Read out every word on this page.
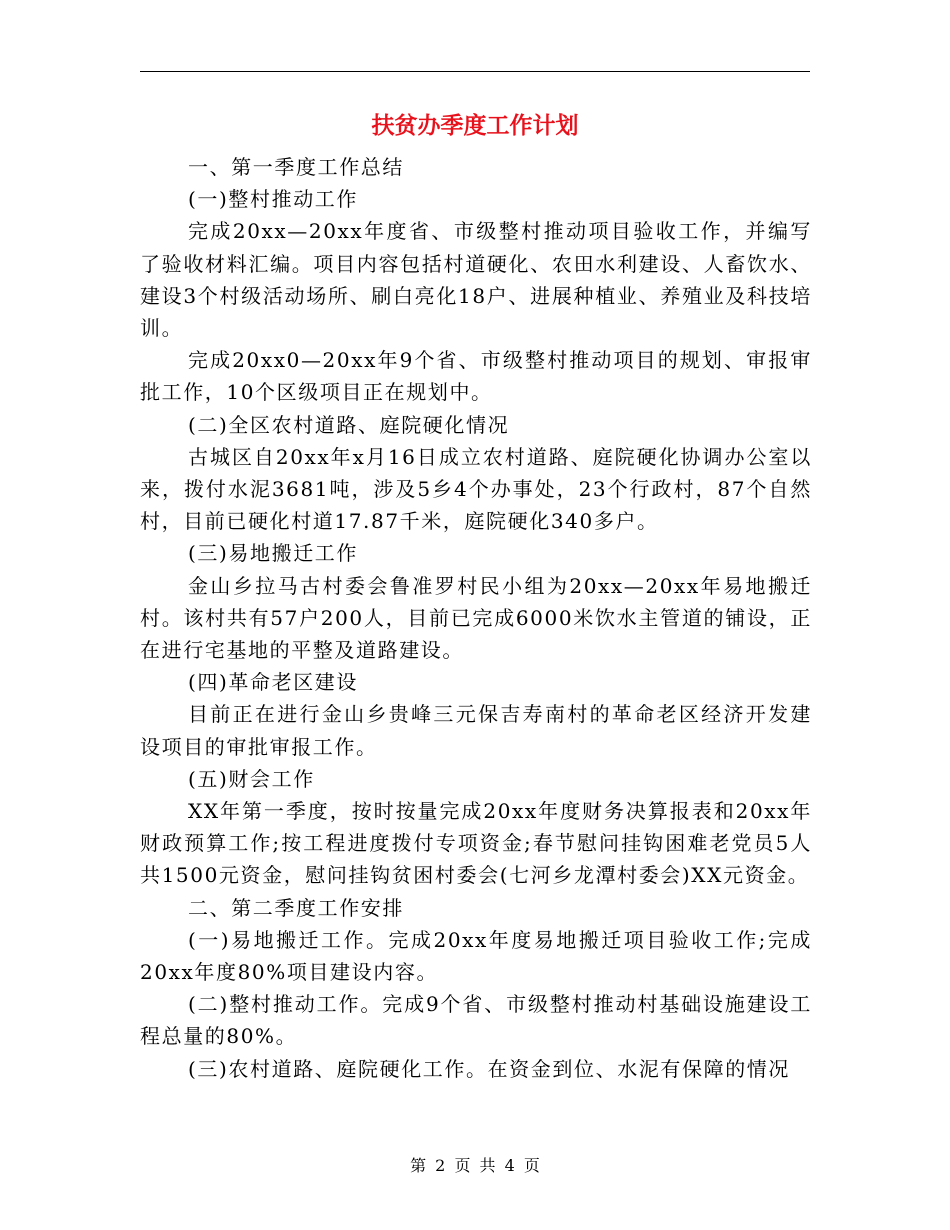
扶贫办季度工作计划

一、第一季度工作总结

(一)整村推动工作

完成20xx—20xx年度省、市级整村推动项目验收工作，并编写了验收材料汇编。项目内容包括村道硬化、农田水利建设、人畜饮水、建设3个村级活动场所、刷白亮化18户、进展种植业、养殖业及科技培训。

完成20xx0—20xx年9个省、市级整村推动项目的规划、审报审批工作，10个区级项目正在规划中。

(二)全区农村道路、庭院硬化情况

古城区自20xx年x月16日成立农村道路、庭院硬化协调办公室以来，拨付水泥3681吨，涉及5乡4个办事处，23个行政村，87个自然村，目前已硬化村道17.87千米，庭院硬化340多户。

(三)易地搬迁工作

金山乡拉马古村委会鲁准罗村民小组为20xx—20xx年易地搬迁村。该村共有57户200人，目前已完成6000米饮水主管道的铺设，正在进行宅基地的平整及道路建设。

(四)革命老区建设

目前正在进行金山乡贵峰三元保吉寿南村的革命老区经济开发建设项目的审批审报工作。

(五)财会工作

XX年第一季度，按时按量完成20xx年度财务决算报表和20xx年财政预算工作;按工程进度拨付专项资金;春节慰问挂钩困难老党员5人共1500元资金，慰问挂钩贫困村委会(七河乡龙潭村委会)XX元资金。

二、第二季度工作安排

(一)易地搬迁工作。完成20xx年度易地搬迁项目验收工作;完成20xx年度80%项目建设内容。

(二)整村推动工作。完成9个省、市级整村推动村基础设施建设工程总量的80%。

(三)农村道路、庭院硬化工作。在资金到位、水泥有保障的情况

第 2 页 共 4 页
